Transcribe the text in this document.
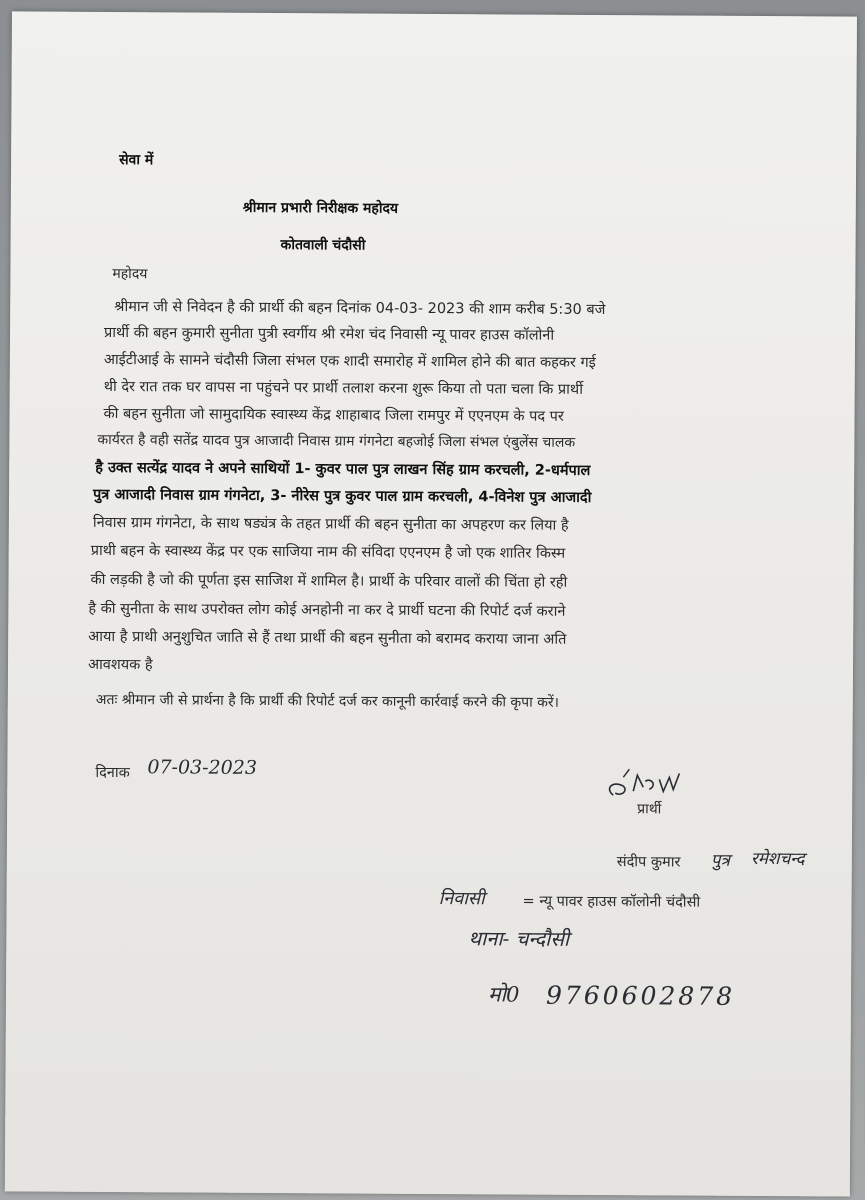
सेवा में
श्रीमान प्रभारी निरीक्षक महोदय
कोतवाली चंदौसी
महोदय
श्रीमान जी से निवेदन है की प्रार्थी की बहन दिनांक 04-03- 2023 की शाम करीब 5:30 बजे
प्रार्थी की बहन कुमारी सुनीता पुत्री स्वर्गीय श्री रमेश चंद निवासी न्यू पावर हाउस कॉलोनी
आईटीआई के सामने चंदौसी जिला संभल एक शादी समारोह में शामिल होने की बात कहकर गई
थी देर रात तक घर वापस ना पहुंचने पर प्रार्थी तलाश करना शुरू किया तो पता चला कि प्रार्थी
की बहन सुनीता जो सामुदायिक स्वास्थ्य केंद्र शाहाबाद जिला रामपुर में एएनएम के पद पर
कार्यरत है वही सतेंद्र यादव पुत्र आजादी निवास ग्राम गंगनेटा बहजोई जिला संभल एंबुलेंस चालक
है उक्त सत्येंद्र यादव ने अपने साथियों 1- कुवर पाल पुत्र लाखन सिंह ग्राम करचली, 2-धर्मपाल
पुत्र आजादी निवास ग्राम गंगनेटा, 3- नीरेस पुत्र कुवर पाल ग्राम करचली, 4-विनेश पुत्र आजादी
निवास ग्राम गंगनेटा, के साथ षड्यंत्र के तहत प्रार्थी की बहन सुनीता का अपहरण कर लिया है
प्राथी बहन के स्वास्थ्य केंद्र पर एक साजिया नाम की संविदा एएनएम है जो एक शातिर किस्म
की लड़की है जो की पूर्णता इस साजिश में शामिल है। प्रार्थी के परिवार वालों की चिंता हो रही
है की सुनीता के साथ उपरोक्त लोग कोई अनहोनी ना कर दे प्रार्थी घटना की रिपोर्ट दर्ज कराने
आया है प्राथी अनुशुचित जाति से हैं तथा प्रार्थी की बहन सुनीता को बरामद कराया जाना अति
आवशयक है
अतः श्रीमान जी से प्रार्थना है कि प्रार्थी की रिपोर्ट दर्ज कर कानूनी कार्रवाई करने की कृपा करें।
दिनाक 07-03-2023
प्रार्थी
संदीप कुमार पुत्र रमेशचन्द
निवासी	= न्यू पावर हाउस कॉलोनी चंदौसी
थाना- चन्दौसी
मो0 9760602878
